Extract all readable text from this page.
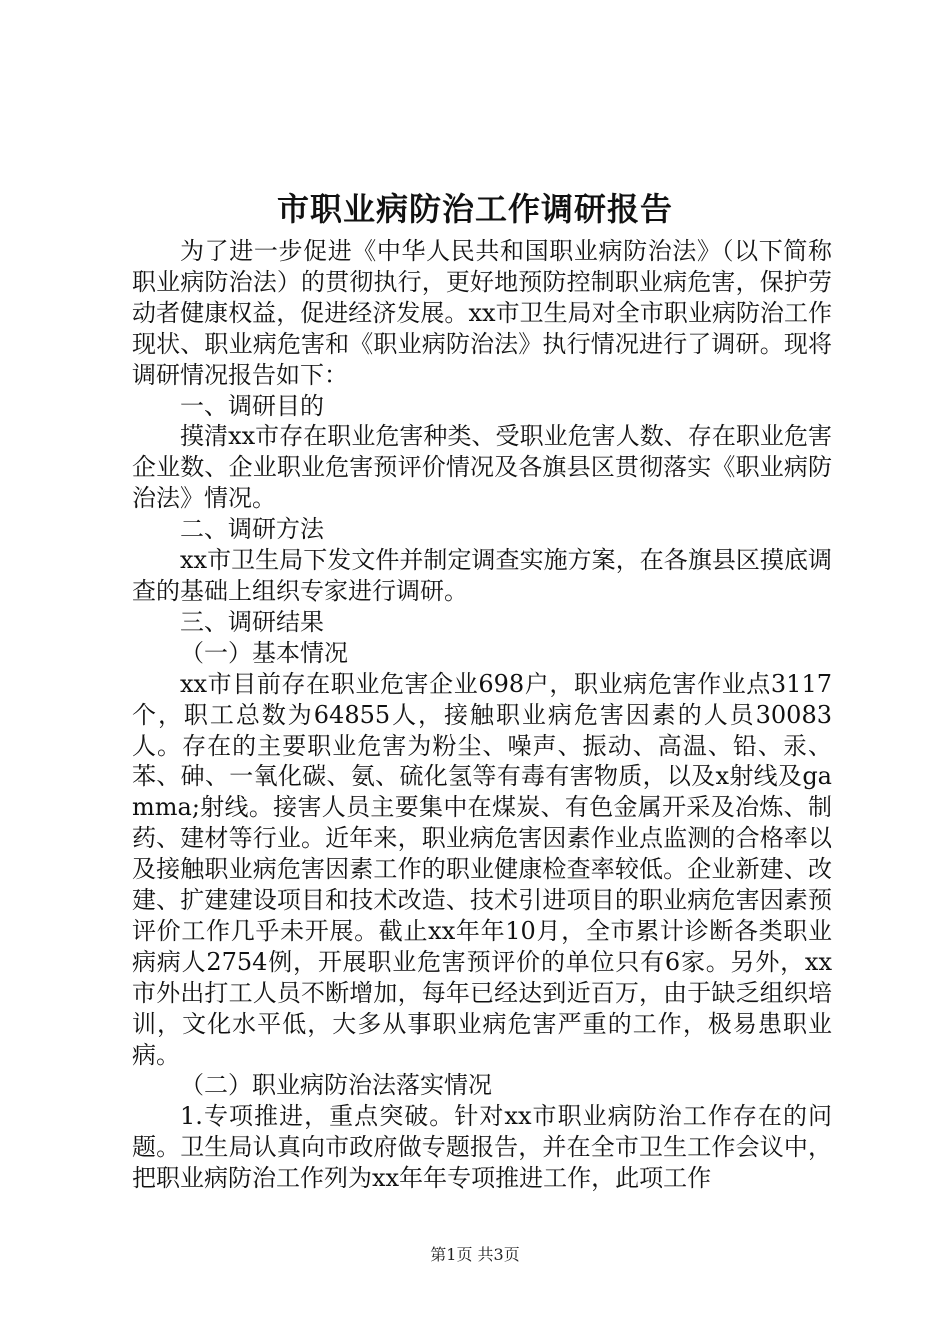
市职业病防治工作调研报告

为了进一步促进《中华人民共和国职业病防治法》（以下简称职业病防治法）的贯彻执行，更好地预防控制职业病危害，保护劳动者健康权益，促进经济发展。xx市卫生局对全市职业病防治工作现状、职业病危害和《职业病防治法》执行情况进行了调研。现将调研情况报告如下：

一、调研目的

摸清xx市存在职业危害种类、受职业危害人数、存在职业危害企业数、企业职业危害预评价情况及各旗县区贯彻落实《职业病防治法》情况。

二、调研方法

xx市卫生局下发文件并制定调查实施方案，在各旗县区摸底调查的基础上组织专家进行调研。

三、调研结果

（一）基本情况

xx市目前存在职业危害企业698户，职业病危害作业点3117个，职工总数为64855人，接触职业病危害因素的人员30083人。存在的主要职业危害为粉尘、噪声、振动、高温、铅、汞、苯、砷、一氧化碳、氨、硫化氢等有毒有害物质，以及x射线及gamma;射线。接害人员主要集中在煤炭、有色金属开采及冶炼、制药、建材等行业。近年来，职业病危害因素作业点监测的合格率以及接触职业病危害因素工作的职业健康检查率较低。企业新建、改建、扩建建设项目和技术改造、技术引进项目的职业病危害因素预评价工作几乎未开展。截止xx年年10月，全市累计诊断各类职业病病人2754例，开展职业危害预评价的单位只有6家。另外，xx市外出打工人员不断增加，每年已经达到近百万，由于缺乏组织培训，文化水平低，大多从事职业病危害严重的工作，极易患职业病。

（二）职业病防治法落实情况

1.专项推进，重点突破。针对xx市职业病防治工作存在的问题。卫生局认真向市政府做专题报告，并在全市卫生工作会议中，把职业病防治工作列为xx年年专项推进工作，此项工作

第1页 共3页
